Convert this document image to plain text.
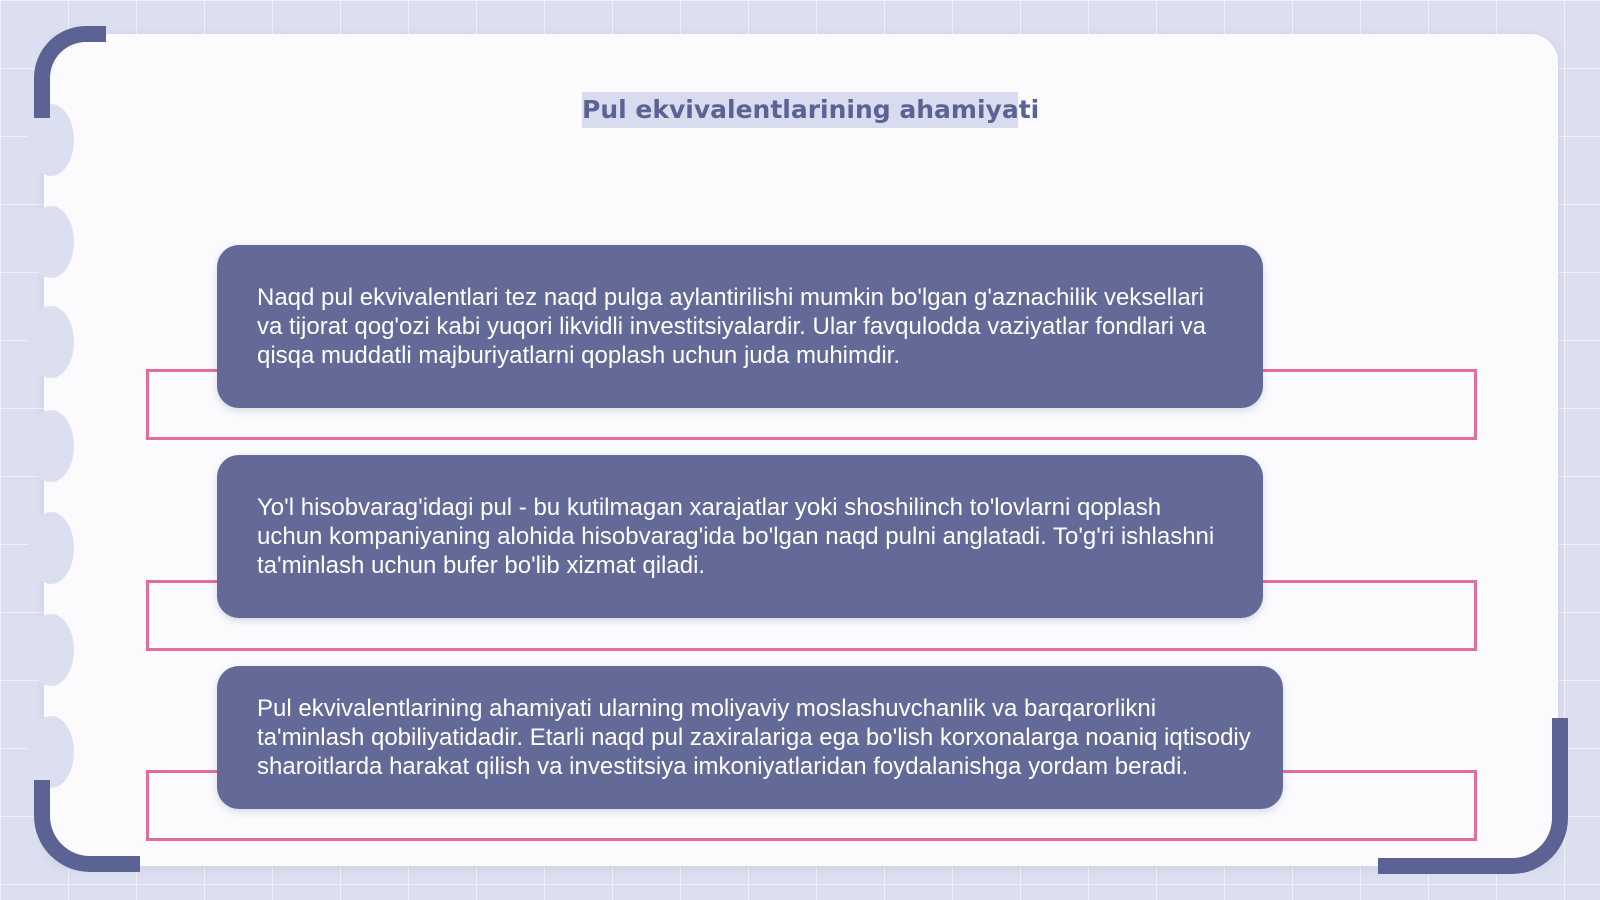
Pul ekvivalentlarining ahamiyati
Naqd pul ekvivalentlari tez naqd pulga aylantirilishi mumkin bo'lgan g'aznachilik veksellari va tijorat qog'ozi kabi yuqori likvidli investitsiyalardir. Ular favqulodda vaziyatlar fondlari va qisqa muddatli majburiyatlarni qoplash uchun juda muhimdir.
Yo'l hisobvarag'idagi pul - bu kutilmagan xarajatlar yoki shoshilinch to'lovlarni qoplash uchun kompaniyaning alohida hisobvarag'ida bo'lgan naqd pulni anglatadi. To'g'ri ishlashni ta'minlash uchun bufer bo'lib xizmat qiladi.
Pul ekvivalentlarining ahamiyati ularning moliyaviy moslashuvchanlik va barqarorlikni ta'minlash qobiliyatidadir. Etarli naqd pul zaxiralariga ega bo'lish korxonalarga noaniq iqtisodiy sharoitlarda harakat qilish va investitsiya imkoniyatlaridan foydalanishga yordam beradi.
